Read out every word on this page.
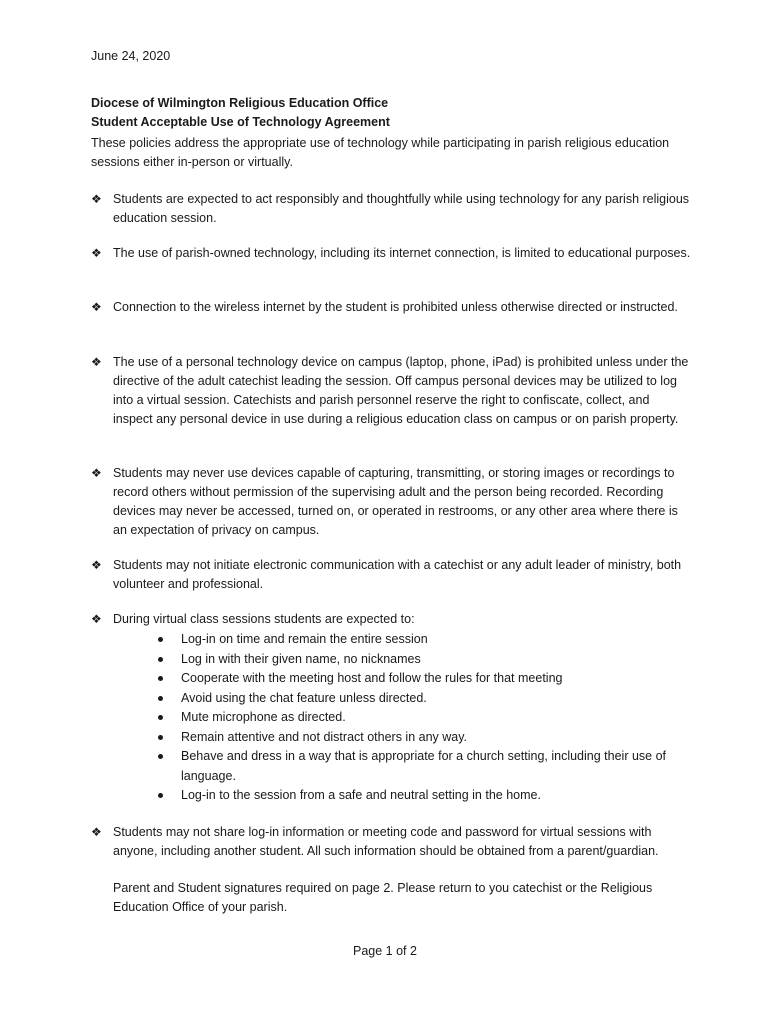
June 24, 2020
Diocese of Wilmington Religious Education Office
Student Acceptable Use of Technology Agreement
These policies address the appropriate use of technology while participating in parish religious education sessions either in-person or virtually.
❖ Students are expected to act responsibly and thoughtfully while using technology for any parish religious education session.
❖ The use of parish-owned technology, including its internet connection, is limited to educational purposes.
❖ Connection to the wireless internet by the student is prohibited unless otherwise directed or instructed.
❖ The use of a personal technology device on campus (laptop, phone, iPad) is prohibited unless under the directive of the adult catechist leading the session. Off campus personal devices may be utilized to log into a virtual session. Catechists and parish personnel reserve the right to confiscate, collect, and inspect any personal device in use during a religious education class on campus or on parish property.
❖ Students may never use devices capable of capturing, transmitting, or storing images or recordings to record others without permission of the supervising adult and the person being recorded. Recording devices may never be accessed, turned on, or operated in restrooms, or any other area where there is an expectation of privacy on campus.
❖ Students may not initiate electronic communication with a catechist or any adult leader of ministry, both volunteer and professional.
❖ During virtual class sessions students are expected to:
Log-in on time and remain the entire session
Log in with their given name, no nicknames
Cooperate with the meeting host and follow the rules for that meeting
Avoid using the chat feature unless directed.
Mute microphone as directed.
Remain attentive and not distract others in any way.
Behave and dress in a way that is appropriate for a church setting, including their use of language.
Log-in to the session from a safe and neutral setting in the home.
❖ Students may not share log-in information or meeting code and password for virtual sessions with anyone, including another student. All such information should be obtained from a parent/guardian.
Parent and Student signatures required on page 2. Please return to you catechist or the Religious Education Office of your parish.
Page 1 of 2
